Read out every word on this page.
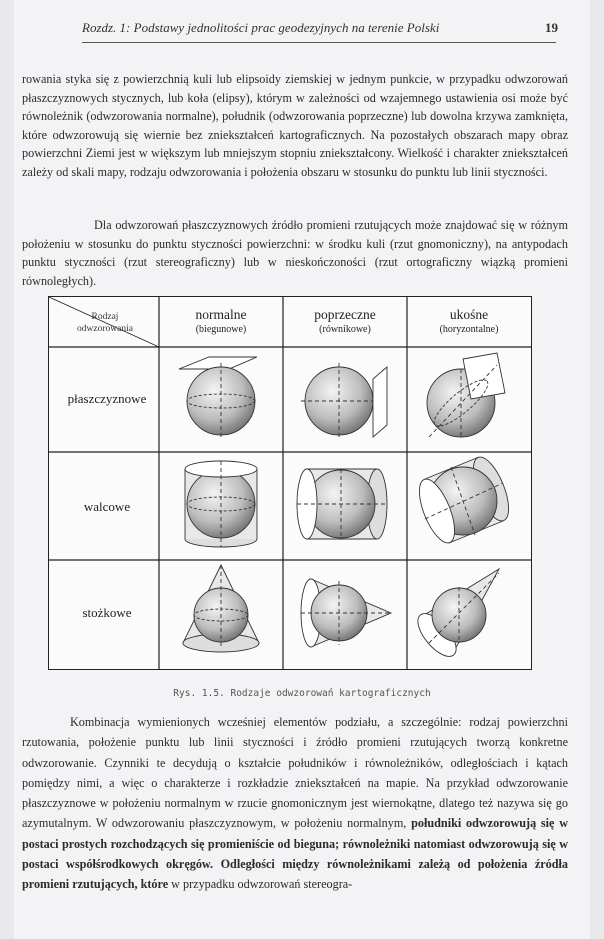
Rozdz. 1: Podstawy jednolitości prac geodezyjnych na terenie Polski	19
rowania styka się z powierzchnią kuli lub elipsoidy ziemskiej w jednym punkcie, w przypadku odwzorowań płaszczyznowych stycznych, lub koła (elipsy), którym w zależności od wzajemnego ustawienia osi może być równoleżnik (odwzorowania normalne), południk (odwzorowania poprzeczne) lub dowolna krzywa zamknięta, które odwzorowują się wiernie bez zniekształceń kartograficznych. Na pozostałych obszarach mapy obraz powierzchni Ziemi jest w większym lub mniejszym stopniu zniekształcony. Wielkość i charakter zniekształceń zależy od skali mapy, rodzaju odwzorowania i położenia obszaru w stosunku do punktu lub linii styczności.
Dla odwzorowań płaszczyznowych źródło promieni rzutujących może znajdować się w różnym położeniu w stosunku do punktu styczności powierzchni: w środku kuli (rzut gnomoniczny), na antypodach punktu styczności (rzut stereograficzny) lub w nieskończoności (rzut ortograficzny wiązką promieni równoległych).
Rodzaj
odwzorowania
normalne
(biegunowe)
poprzeczne
(równikowe)
ukośne
(horyzontalne)
płaszczyznowe
walcowe
stożkowe
Rys. 1.5. Rodzaje odwzorowań kartograficznych
Kombinacja wymienionych wcześniej elementów podziału, a szczególnie: rodzaj powierzchni rzutowania, położenie punktu lub linii styczności i źródło promieni rzutujących tworzą konkretne odwzorowanie. Czynniki te decydują o kształcie południków i równoleżników, odległościach i kątach pomiędzy nimi, a więc o charakterze i rozkładzie zniekształceń na mapie. Na przykład odwzorowanie płaszczyznowe w położeniu normalnym w rzucie gnomonicznym jest wiernokątne, dlatego też nazywa się go azymutalnym. W odwzorowaniu płaszczyznowym, w położeniu normalnym, południki odwzorowują się w postaci prostych rozchodzących się promieniście od bieguna; równoleżniki natomiast odwzorowują się w postaci współśrodkowych okręgów. Odległości między równoleżnikami zależą od położenia źródła promieni rzutujących, które w przypadku odwzorowań stereogra-
